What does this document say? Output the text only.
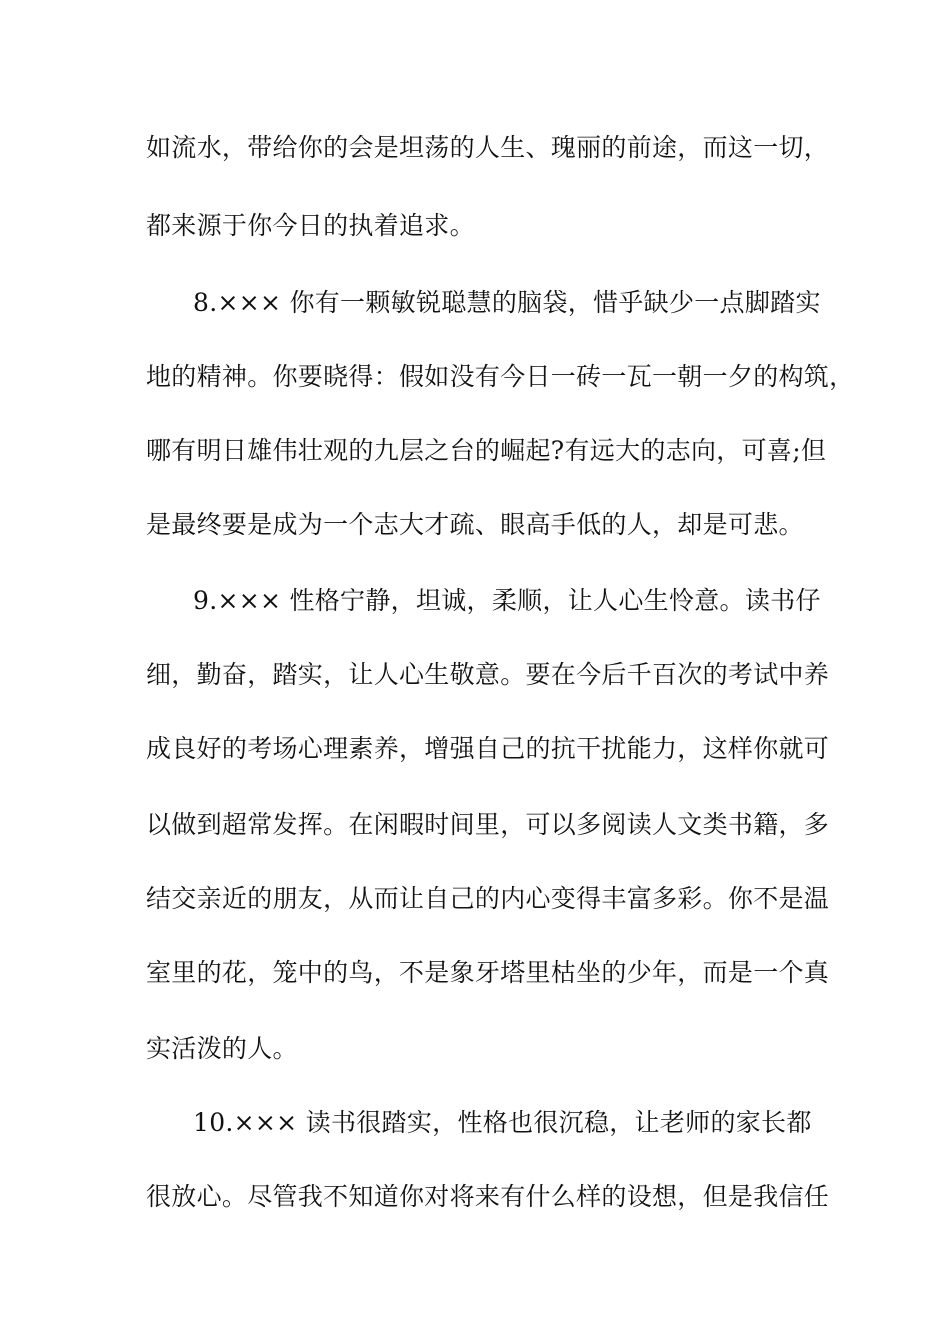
如流水，带给你的会是坦荡的人生、瑰丽的前途，而这一切，
都来源于你今日的执着追求。
8.××× 你有一颗敏锐聪慧的脑袋，惜乎缺少一点脚踏实
地的精神。你要晓得：假如没有今日一砖一瓦一朝一夕的构筑，
哪有明日雄伟壮观的九层之台的崛起?有远大的志向，可喜;但
是最终要是成为一个志大才疏、眼高手低的人，却是可悲。
9.××× 性格宁静，坦诚，柔顺，让人心生怜意。读书仔
细，勤奋，踏实，让人心生敬意。要在今后千百次的考试中养
成良好的考场心理素养，增强自己的抗干扰能力，这样你就可
以做到超常发挥。在闲暇时间里，可以多阅读人文类书籍，多
结交亲近的朋友，从而让自己的内心变得丰富多彩。你不是温
室里的花，笼中的鸟，不是象牙塔里枯坐的少年，而是一个真
实活泼的人。
10.××× 读书很踏实，性格也很沉稳，让老师的家长都
很放心。尽管我不知道你对将来有什么样的设想，但是我信任
